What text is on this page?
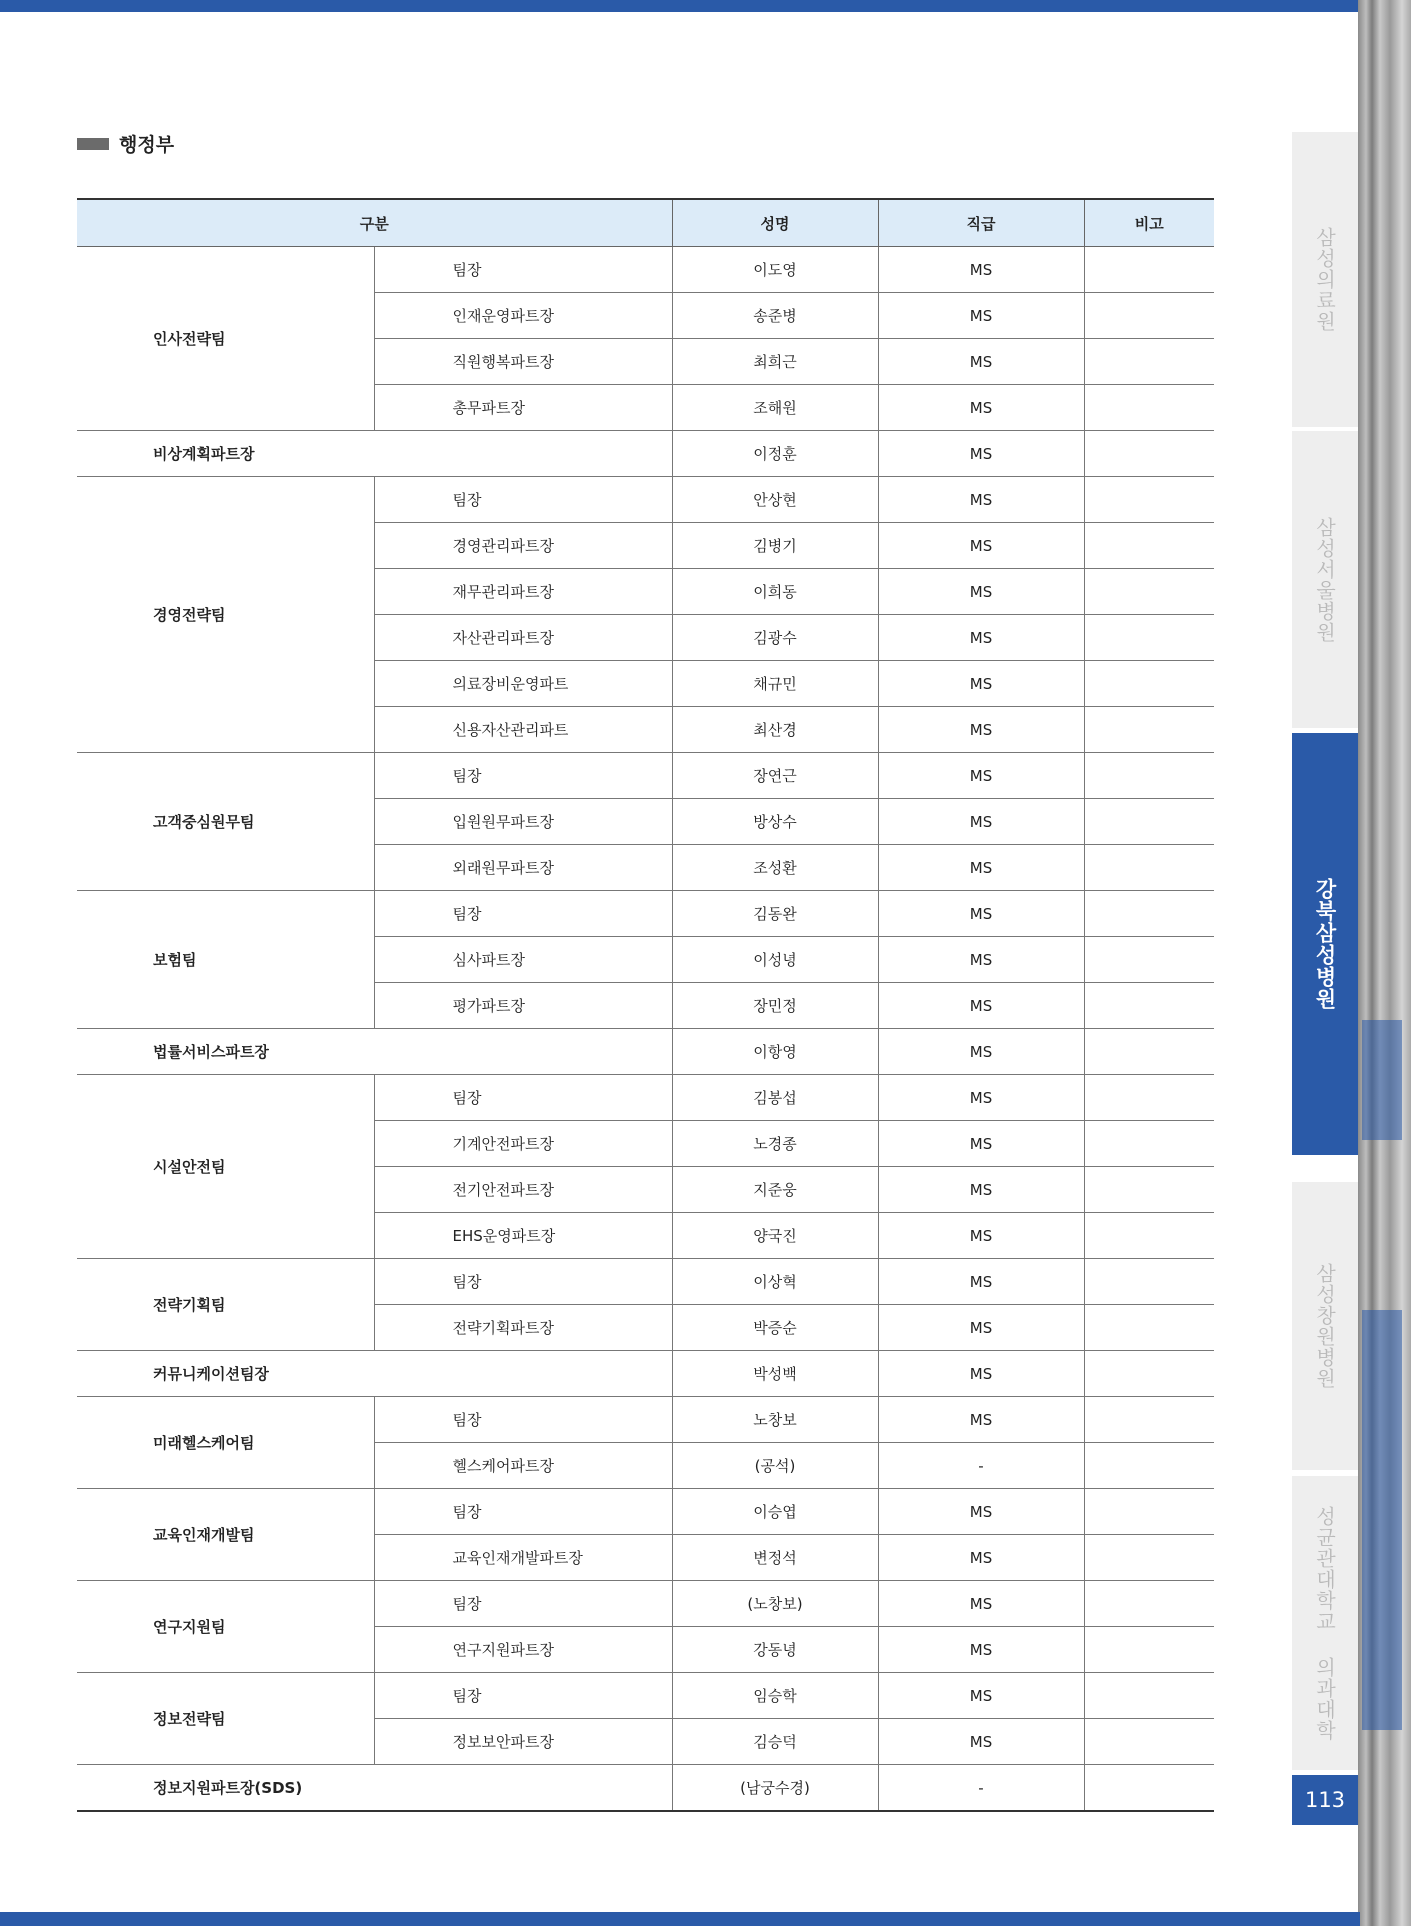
행정부
구분		성명	직급	비고
인사전략팀	팀장	이도영	MS	
	인재운영파트장	송준병	MS	
	직원행복파트장	최희근	MS	
	총무파트장	조해원	MS	
비상계획파트장		이정훈	MS	
경영전략팀	팀장	안상현	MS	
	경영관리파트장	김병기	MS	
	재무관리파트장	이희동	MS	
	자산관리파트장	김광수	MS	
	의료장비운영파트	채규민	MS	
	신용자산관리파트	최산경	MS	
고객중심원무팀	팀장	장연근	MS	
	입원원무파트장	방상수	MS	
	외래원무파트장	조성환	MS	
보험팀	팀장	김동완	MS	
	심사파트장	이성녕	MS	
	평가파트장	장민정	MS	
법률서비스파트장		이항영	MS	
시설안전팀	팀장	김봉섭	MS	
	기계안전파트장	노경종	MS	
	전기안전파트장	지준웅	MS	
	EHS운영파트장	양국진	MS	
전략기획팀	팀장	이상혁	MS	
	전략기획파트장	박증순	MS	
커뮤니케이션팀장		박성백	MS	
미래헬스케어팀	팀장	노창보	MS	
	헬스케어파트장	(공석)	-	
교육인재개발팀	팀장	이승엽	MS	
	교육인재개발파트장	변정석	MS	
연구지원팀	팀장	(노창보)	MS	
	연구지원파트장	강동녕	MS	
정보전략팀	팀장	임승학	MS	
	정보보안파트장	김승덕	MS	
정보지원파트장(SDS)		(남궁수경)	-	
삼성의료원
삼성서울병원
강북삼성병원
삼성창원병원
성균관대학교 의과대학
113
